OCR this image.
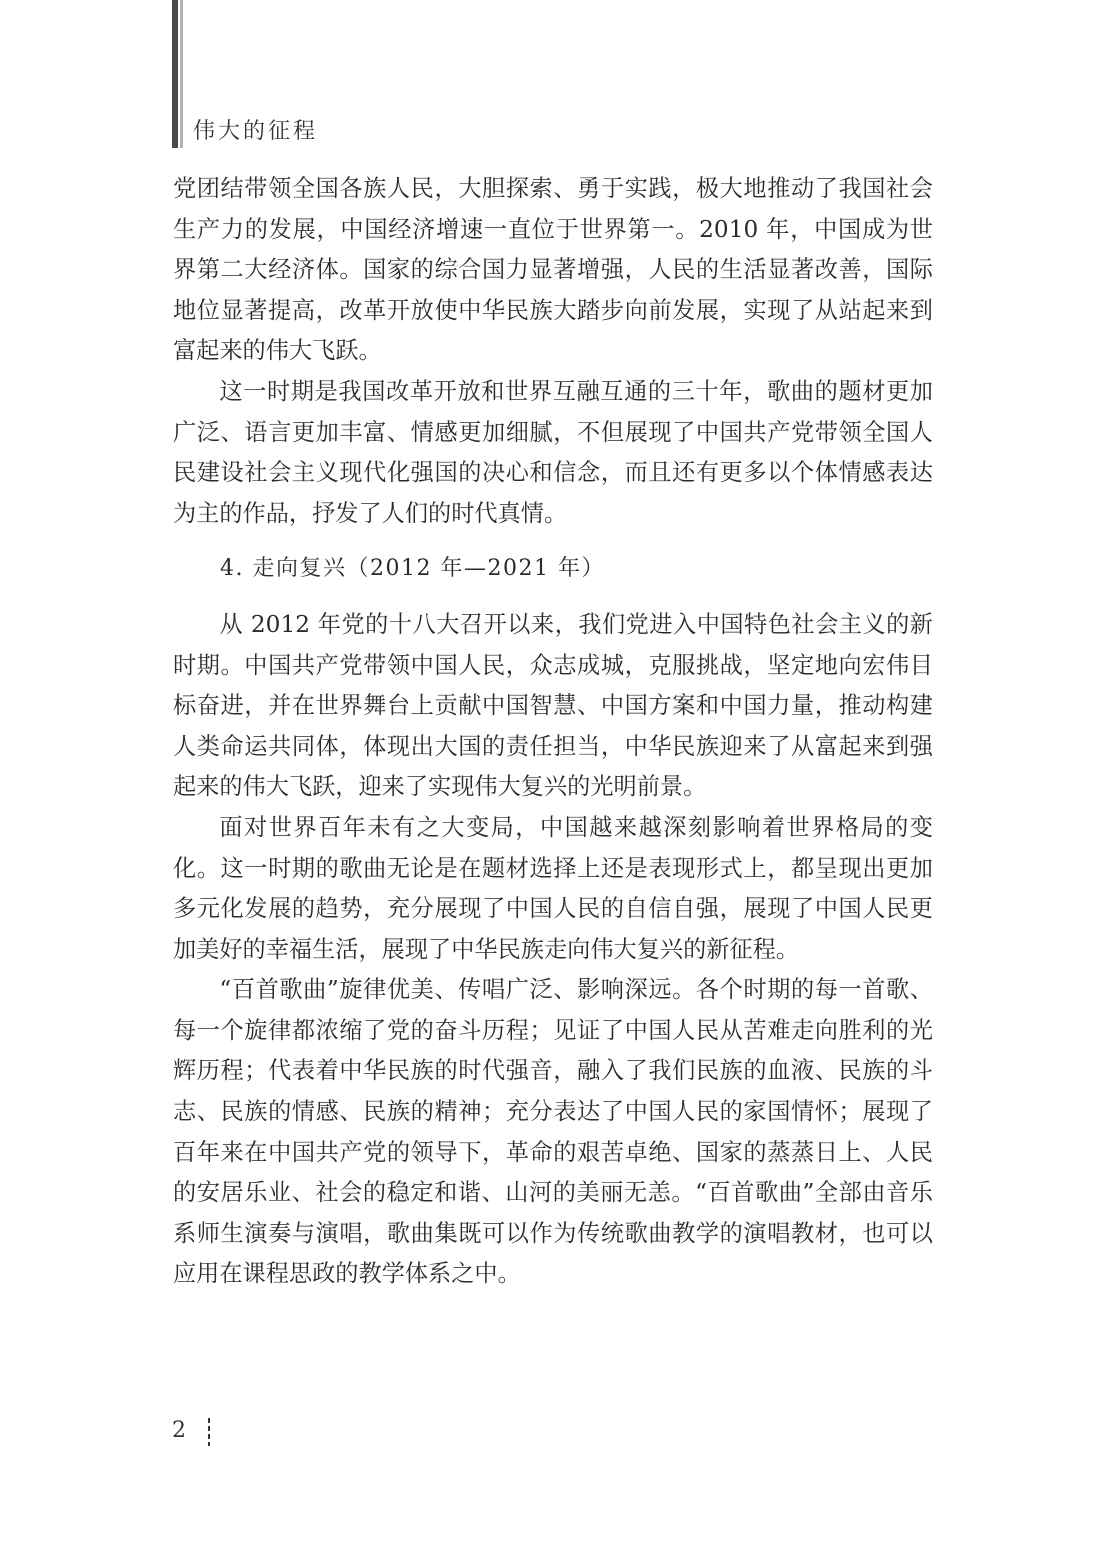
伟大的征程

党团结带领全国各族人民，大胆探索、勇于实践，极大地推动了我国社会生产力的发展，中国经济增速一直位于世界第一。2010 年，中国成为世界第二大经济体。国家的综合国力显著增强，人民的生活显著改善，国际地位显著提高，改革开放使中华民族大踏步向前发展，实现了从站起来到富起来的伟大飞跃。

这一时期是我国改革开放和世界互融互通的三十年，歌曲的题材更加广泛、语言更加丰富、情感更加细腻，不但展现了中国共产党带领全国人民建设社会主义现代化强国的决心和信念，而且还有更多以个体情感表达为主的作品，抒发了人们的时代真情。

4. 走向复兴（2012 年—2021 年）

从 2012 年党的十八大召开以来，我们党进入中国特色社会主义的新时期。中国共产党带领中国人民，众志成城，克服挑战，坚定地向宏伟目标奋进，并在世界舞台上贡献中国智慧、中国方案和中国力量，推动构建人类命运共同体，体现出大国的责任担当，中华民族迎来了从富起来到强起来的伟大飞跃，迎来了实现伟大复兴的光明前景。

面对世界百年未有之大变局，中国越来越深刻影响着世界格局的变化。这一时期的歌曲无论是在题材选择上还是表现形式上，都呈现出更加多元化发展的趋势，充分展现了中国人民的自信自强，展现了中国人民更加美好的幸福生活，展现了中华民族走向伟大复兴的新征程。

“百首歌曲”旋律优美、传唱广泛、影响深远。各个时期的每一首歌、每一个旋律都浓缩了党的奋斗历程；见证了中国人民从苦难走向胜利的光辉历程；代表着中华民族的时代强音，融入了我们民族的血液、民族的斗志、民族的情感、民族的精神；充分表达了中国人民的家国情怀；展现了百年来在中国共产党的领导下，革命的艰苦卓绝、国家的蒸蒸日上、人民的安居乐业、社会的稳定和谐、山河的美丽无恙。“百首歌曲”全部由音乐系师生演奏与演唱，歌曲集既可以作为传统歌曲教学的演唱教材，也可以应用在课程思政的教学体系之中。

2
